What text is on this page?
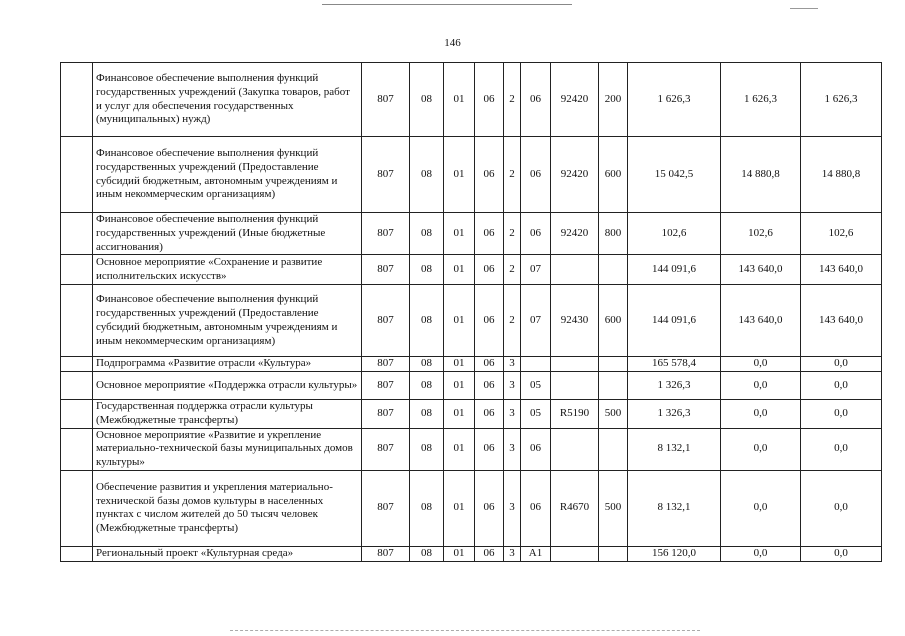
146
	Финансовое обеспечение выполнения функций государственных учреждений (Закупка товаров, работ и услуг для обеспечения государственных (муниципальных) нужд)	807	08	01	06	2	06	92420	200	1 626,3	1 626,3	1 626,3
	Финансовое обеспечение выполнения функций государственных учреждений (Предоставление субсидий бюджетным, автономным учреждениям и иным некоммерческим организациям)	807	08	01	06	2	06	92420	600	15 042,5	14 880,8	14 880,8
	Финансовое обеспечение выполнения функций государственных учреждений (Иные бюджетные ассигнования)	807	08	01	06	2	06	92420	800	102,6	102,6	102,6
	Основное мероприятие «Сохранение и развитие исполнительских искусств»	807	08	01	06	2	07			144 091,6	143 640,0	143 640,0
	Финансовое обеспечение выполнения функций государственных учреждений (Предоставление субсидий бюджетным, автономным учреждениям и иным некоммерческим организациям)	807	08	01	06	2	07	92430	600	144 091,6	143 640,0	143 640,0
	Подпрограмма «Развитие отрасли «Культура»	807	08	01	06	3				165 578,4	0,0	0,0
	Основное мероприятие «Поддержка отрасли культуры»	807	08	01	06	3	05			1 326,3	0,0	0,0
	Государственная поддержка отрасли культуры (Межбюджетные трансферты)	807	08	01	06	3	05	R5190	500	1 326,3	0,0	0,0
	Основное мероприятие «Развитие и укрепление материально-технической базы муниципальных домов культуры»	807	08	01	06	3	06			8 132,1	0,0	0,0
	Обеспечение развития и укрепления материально-технической базы домов культуры в населенных пунктах с числом жителей до 50 тысяч человек (Межбюджетные трансферты)	807	08	01	06	3	06	R4670	500	8 132,1	0,0	0,0
	Региональный проект «Культурная среда»	807	08	01	06	3	A1			156 120,0	0,0	0,0
